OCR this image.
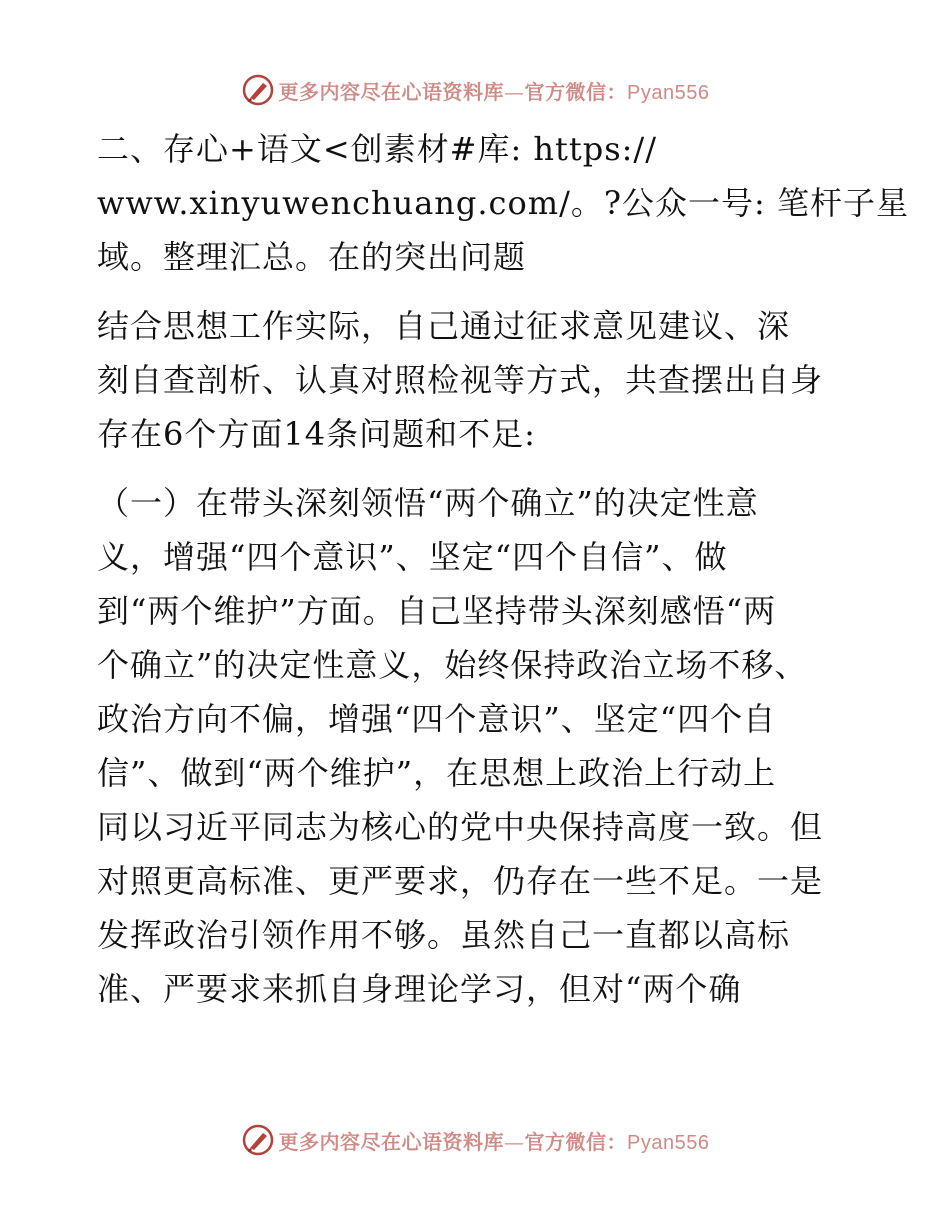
更多内容尽在心语资料库—官方微信：Pyan556
二、存心+语文<创素材#库: https://
www.xinyuwenchuang.com/。?公众一号: 笔杆子星
域。整理汇总。在的突出问题
结合思想工作实际，自己通过征求意见建议、深
刻自查剖析、认真对照检视等方式，共查摆出自身
存在6个方面14条问题和不足:
（一）在带头深刻领悟“两个确立”的决定性意
义，增强“四个意识”、坚定“四个自信”、做
到“两个维护”方面。自己坚持带头深刻感悟“两
个确立”的决定性意义，始终保持政治立场不移、
政治方向不偏，增强“四个意识”、坚定“四个自
信”、做到“两个维护”，在思想上政治上行动上
同以习近平同志为核心的党中央保持高度一致。但
对照更高标准、更严要求，仍存在一些不足。一是
发挥政治引领作用不够。虽然自己一直都以高标
准、严要求来抓自身理论学习，但对“两个确
更多内容尽在心语资料库—官方微信：Pyan556
